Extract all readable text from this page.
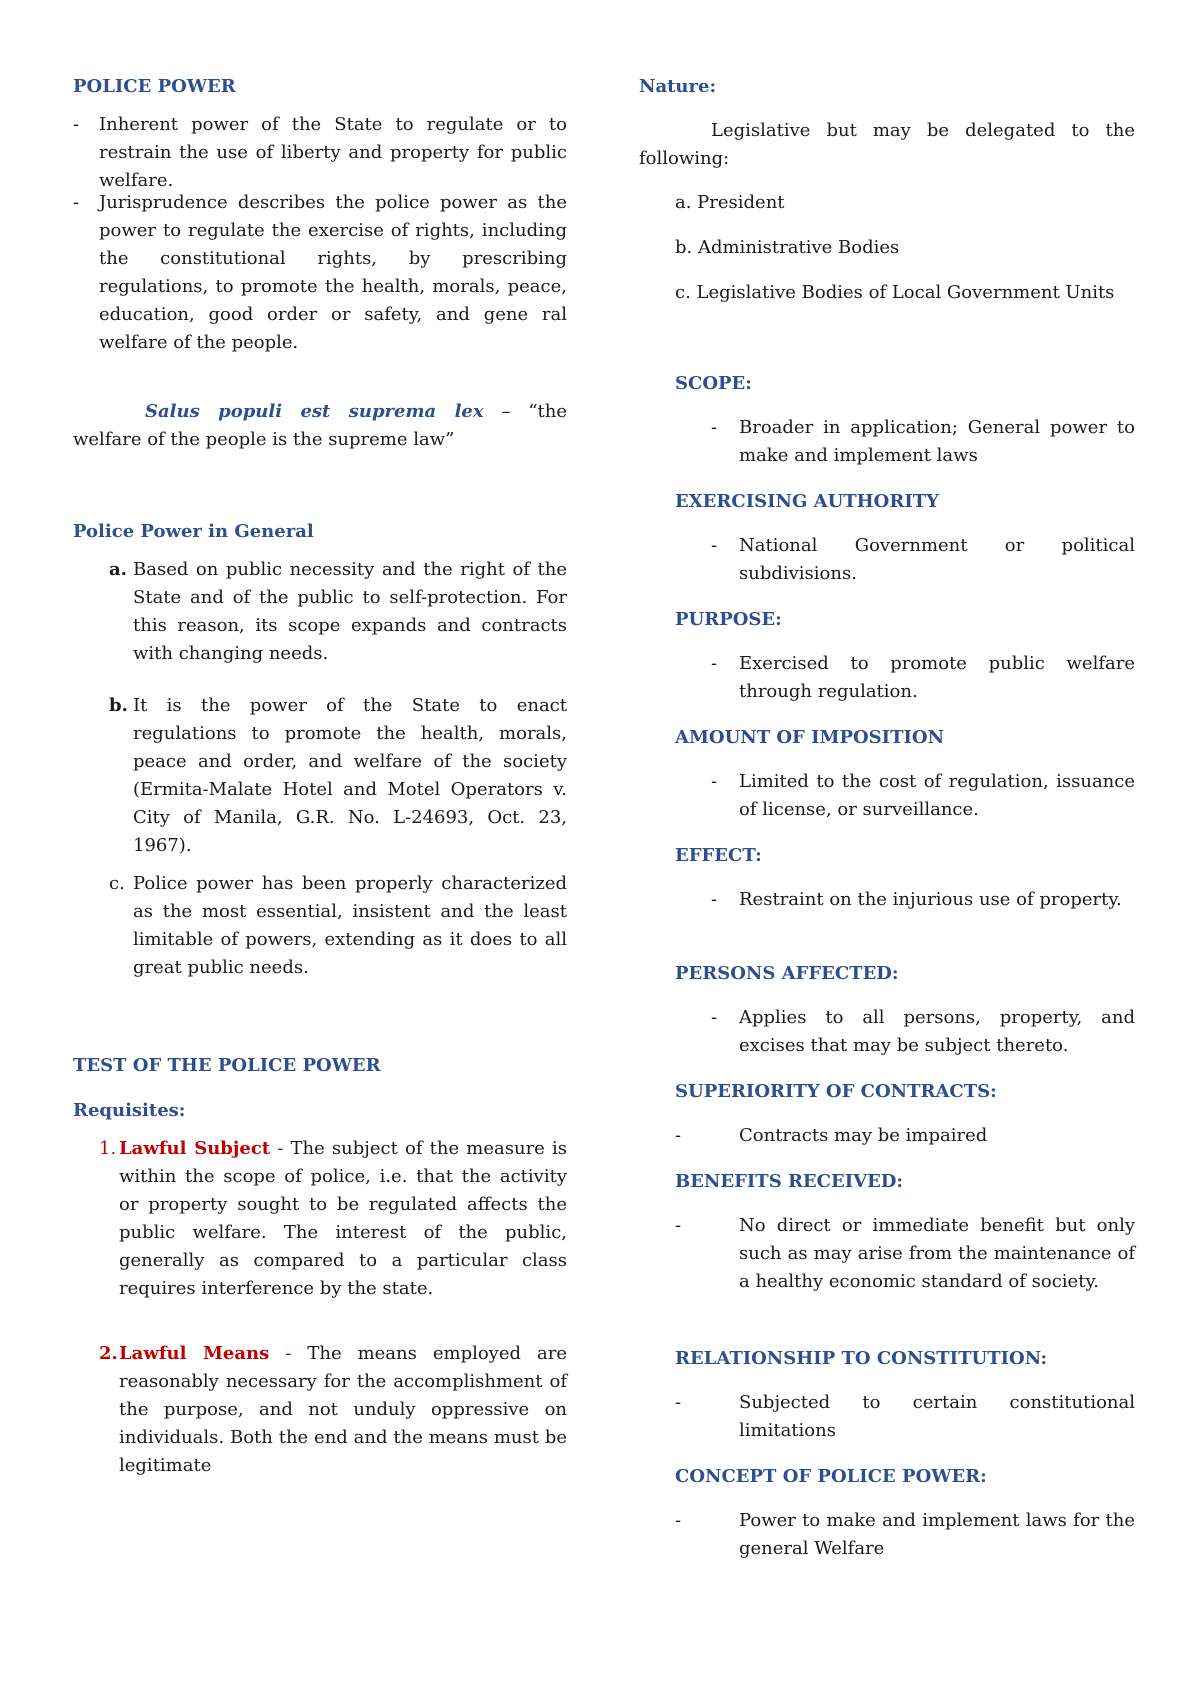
POLICE POWER
- Inherent power of the State to regulate or to restrain the use of liberty and property for public welfare.

- Jurisprudence describes the police power as the power to regulate the exercise of rights, including the constitutional rights, by prescribing regulations, to promote the health, morals, peace, education, good order or safety, and gene ral welfare of the people.

Salus populi est suprema lex – “the welfare of the people is the supreme law”

Police Power in General
a. Based on public necessity and the right of the State and of the public to self-protection. For this reason, its scope expands and contracts with changing needs.

b. It is the power of the State to enact regulations to promote the health, morals, peace and order, and welfare of the society (Ermita-Malate Hotel and Motel Operators v. City of Manila, G.R. No. L-24693, Oct. 23, 1967).

c. Police power has been properly characterized as the most essential, insistent and the least limitable of powers, extending as it does to all great public needs.

TEST OF THE POLICE POWER
Requisites:
1. Lawful Subject - The subject of the measure is within the scope of police, i.e. that the activity or property sought to be regulated affects the public welfare. The interest of the public, generally as compared to a particular class requires interference by the state.

2. Lawful Means - The means employed are reasonably necessary for the accomplishment of the purpose, and not unduly oppressive on individuals. Both the end and the means must be legitimate

Nature:

Legislative but may be delegated to the following:

a. President

b. Administrative Bodies

c. Legislative Bodies of Local Government Units

SCOPE:
- Broader in application; General power to make and implement laws

EXERCISING AUTHORITY
- National Government or political subdivisions.

PURPOSE:
- Exercised to promote public welfare through regulation.

AMOUNT OF IMPOSITION
- Limited to the cost of regulation, issuance of license, or surveillance.

EFFECT:
- Restraint on the injurious use of property.

PERSONS AFFECTED:
- Applies to all persons, property, and excises that may be subject thereto.

SUPERIORITY OF CONTRACTS:
-	Contracts may be impaired

BENEFITS RECEIVED:
-	No direct or immediate benefit but only such as may arise from the maintenance of a healthy economic standard of society.

RELATIONSHIP TO CONSTITUTION:
-	Subjected to certain constitutional limitations

CONCEPT OF POLICE POWER:
-	Power to make and implement laws for the general Welfare
